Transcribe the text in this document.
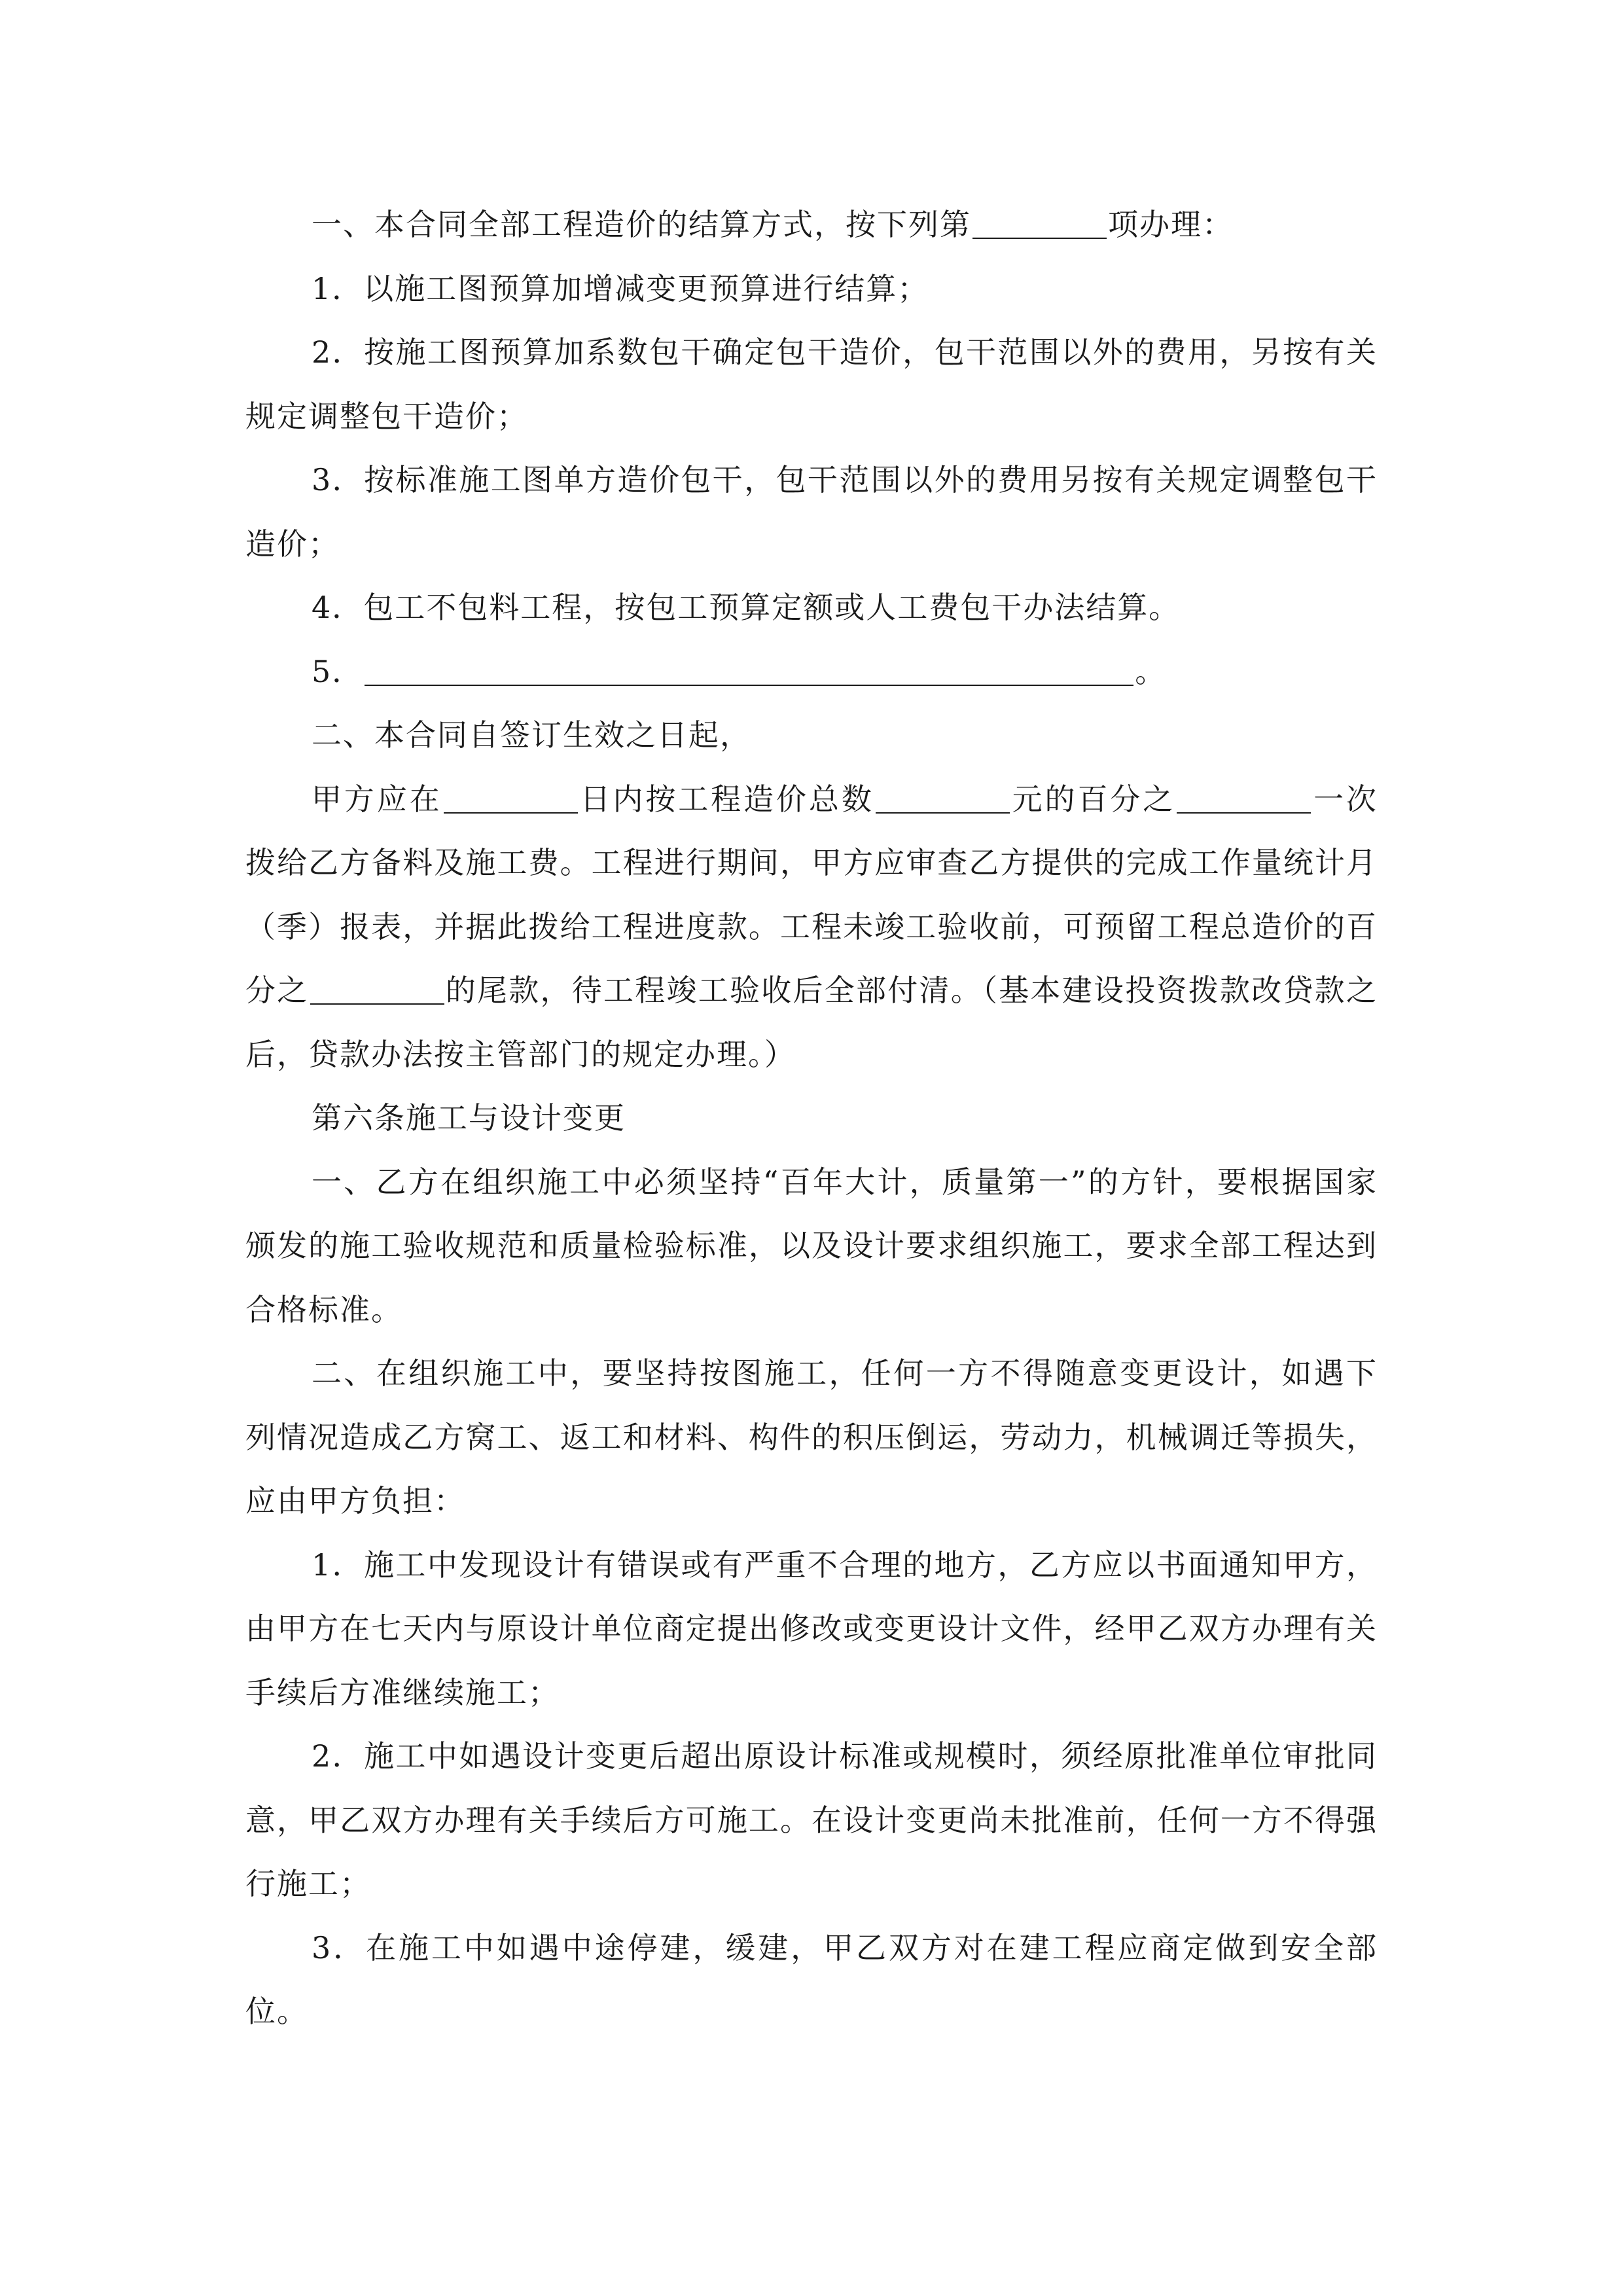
一、本合同全部工程造价的结算方式，按下列第	项办理：

1．以施工图预算加增减变更预算进行结算；

2．按施工图预算加系数包干确定包干造价，包干范围以外的费用，另按有关规定调整包干造价；

3．按标准施工图单方造价包干，包干范围以外的费用另按有关规定调整包干造价；

4．包工不包料工程，按包工预算定额或人工费包干办法结算。

5．	。

二、本合同自签订生效之日起，

甲方应在	日内按工程造价总数	元的百分之	一次拨给乙方备料及施工费。工程进行期间，甲方应审查乙方提供的完成工作量统计月（季）报表，并据此拨给工程进度款。工程未竣工验收前，可预留工程总造价的百分之	的尾款，待工程竣工验收后全部付清。（基本建设投资拨款改贷款之后，贷款办法按主管部门的规定办理。）

第六条施工与设计变更

一、乙方在组织施工中必须坚持“百年大计，质量第一”的方针，要根据国家颁发的施工验收规范和质量检验标准，以及设计要求组织施工，要求全部工程达到合格标准。

二、在组织施工中，要坚持按图施工，任何一方不得随意变更设计，如遇下列情况造成乙方窝工、返工和材料、构件的积压倒运，劳动力，机械调迁等损失，应由甲方负担：

1．施工中发现设计有错误或有严重不合理的地方，乙方应以书面通知甲方，由甲方在七天内与原设计单位商定提出修改或变更设计文件，经甲乙双方办理有关手续后方准继续施工；

2．施工中如遇设计变更后超出原设计标准或规模时，须经原批准单位审批同意，甲乙双方办理有关手续后方可施工。在设计变更尚未批准前，任何一方不得强行施工；

3．在施工中如遇中途停建，缓建，甲乙双方对在建工程应商定做到安全部位。
